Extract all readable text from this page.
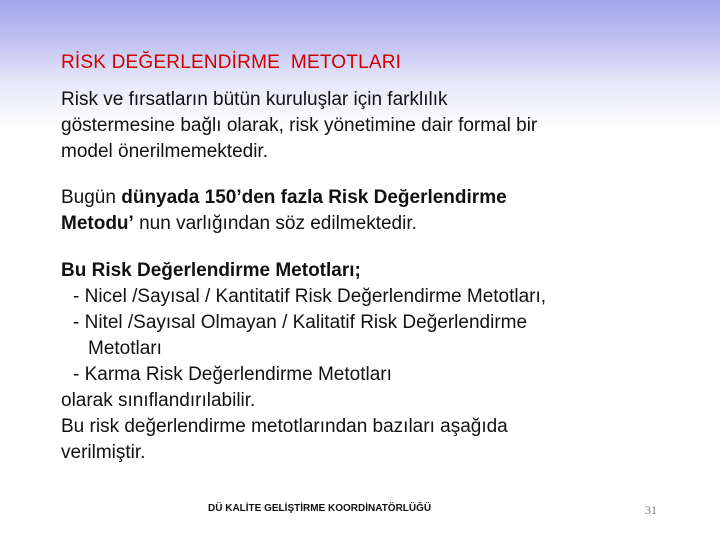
RİSK DEĞERLENDİRME  METOTLARI
Risk ve fırsatların bütün kuruluşlar için farklılık
göstermesine bağlı olarak, risk yönetimine dair formal bir
model önerilmemektedir.
Bugün dünyada 150’den fazla Risk Değerlendirme
Metodu’ nun varlığından söz edilmektedir.
Bu Risk Değerlendirme Metotları;
- Nicel /Sayısal / Kantitatif Risk Değerlendirme Metotları,
- Nitel /Sayısal Olmayan / Kalitatif Risk Değerlendirme
Metotları
- Karma Risk Değerlendirme Metotları
olarak sınıflandırılabilir.
Bu risk değerlendirme metotlarından bazıları aşağıda
verilmiştir.
DÜ KALİTE GELİŞTİRME KOORDİNATÖRLÜĞÜ	31
